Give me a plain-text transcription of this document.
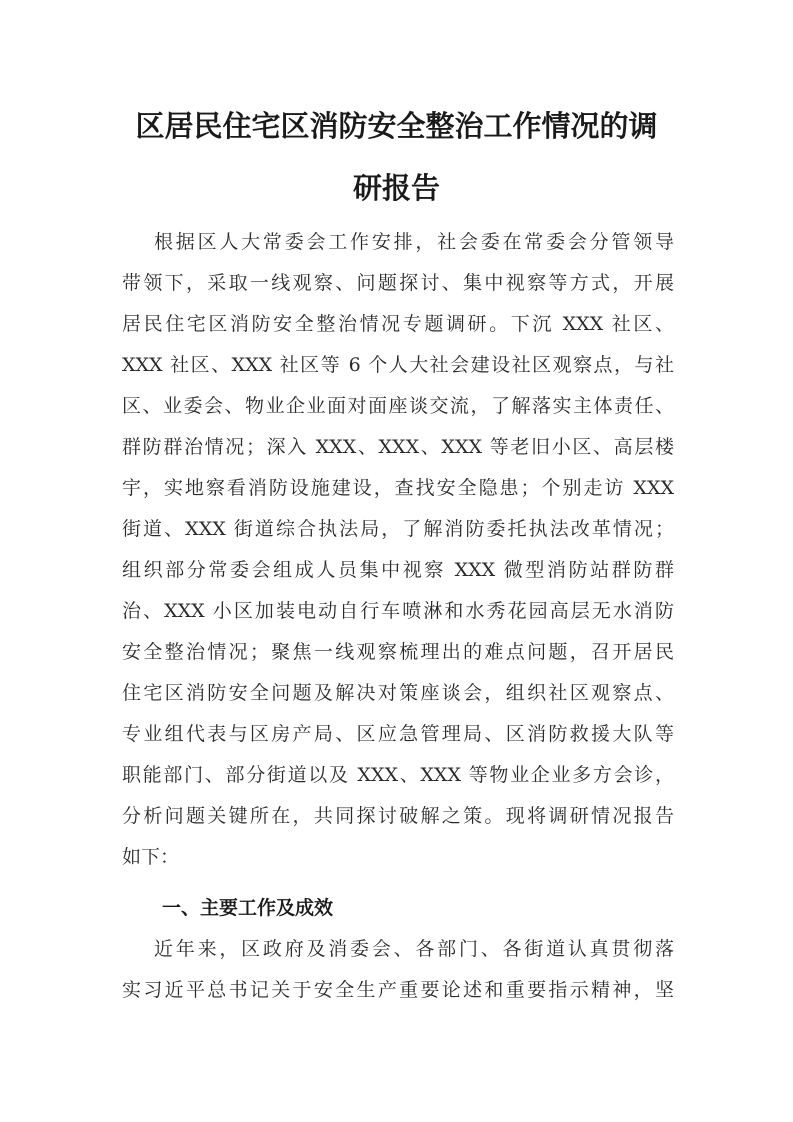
区居民住宅区消防安全整治工作情况的调
研报告
根据区人大常委会工作安排，社会委在常委会分管领导
带领下，采取一线观察、问题探讨、集中视察等方式，开展
居民住宅区消防安全整治情况专题调研。下沉 XXX 社区、
XXX 社区、XXX 社区等 6 个人大社会建设社区观察点，与社
区、业委会、物业企业面对面座谈交流，了解落实主体责任、
群防群治情况；深入 XXX、XXX、XXX 等老旧小区、高层楼
宇，实地察看消防设施建设，查找安全隐患；个别走访 XXX
街道、XXX 街道综合执法局，了解消防委托执法改革情况；
组织部分常委会组成人员集中视察 XXX 微型消防站群防群
治、XXX 小区加装电动自行车喷淋和水秀花园高层无水消防
安全整治情况；聚焦一线观察梳理出的难点问题，召开居民
住宅区消防安全问题及解决对策座谈会，组织社区观察点、
专业组代表与区房产局、区应急管理局、区消防救援大队等
职能部门、部分街道以及 XXX、XXX 等物业企业多方会诊，
分析问题关键所在，共同探讨破解之策。现将调研情况报告
如下：
一、主要工作及成效
近年来，区政府及消委会、各部门、各街道认真贯彻落
实习近平总书记关于安全生产重要论述和重要指示精神，坚
